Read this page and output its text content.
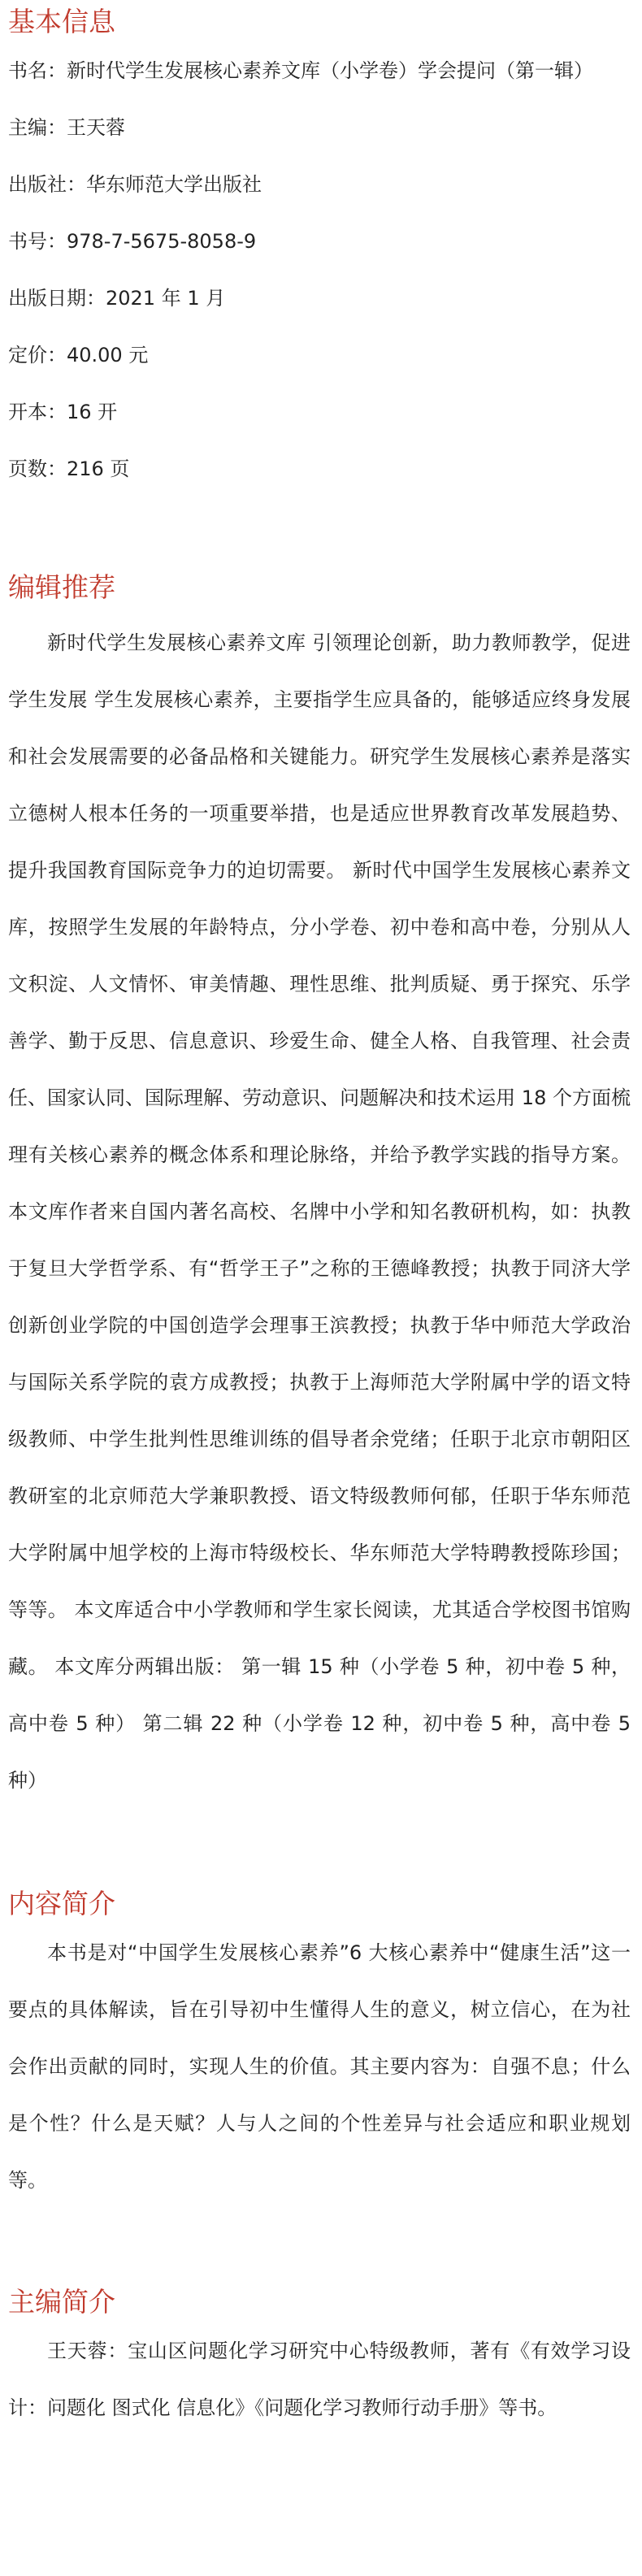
基本信息
书名：新时代学生发展核心素养文库（小学卷）学会提问（第一辑）
主编：王天蓉
出版社：华东师范大学出版社
书号：978-7-5675-8058-9
出版日期：2021 年 1 月
定价：40.00 元
开本：16 开
页数：216 页
编辑推荐

新时代学生发展核心素养文库 引领理论创新，助力教师教学，促进学生发展 学生发展核心素养，主要指学生应具备的，能够适应终身发展和社会发展需要的必备品格和关键能力。研究学生发展核心素养是落实立德树人根本任务的一项重要举措，也是适应世界教育改革发展趋势、提升我国教育国际竞争力的迫切需要。 新时代中国学生发展核心素养文库，按照学生发展的年龄特点，分小学卷、初中卷和高中卷，分别从人文积淀、人文情怀、审美情趣、理性思维、批判质疑、勇于探究、乐学善学、勤于反思、信息意识、珍爱生命、健全人格、自我管理、社会责任、国家认同、国际理解、劳动意识、问题解决和技术运用 18 个方面梳理有关核心素养的概念体系和理论脉络，并给予教学实践的指导方案。 本文库作者来自国内著名高校、名牌中小学和知名教研机构，如：执教于复旦大学哲学系、有“哲学王子”之称的王德峰教授；执教于同济大学创新创业学院的中国创造学会理事王滨教授；执教于华中师范大学政治与国际关系学院的袁方成教授；执教于上海师范大学附属中学的语文特级教师、中学生批判性思维训练的倡导者余党绪；任职于北京市朝阳区教研室的北京师范大学兼职教授、语文特级教师何郁，任职于华东师范大学附属中旭学校的上海市特级校长、华东师范大学特聘教授陈珍国；等等。 本文库适合中小学教师和学生家长阅读，尤其适合学校图书馆购藏。 本文库分两辑出版： 第一辑 15 种（小学卷 5 种，初中卷 5 种，高中卷 5 种） 第二辑 22 种（小学卷 12 种，初中卷 5 种，高中卷 5 种）

内容简介

本书是对“中国学生发展核心素养”6 大核心素养中“健康生活”这一要点的具体解读，旨在引导初中生懂得人生的意义，树立信心，在为社会作出贡献的同时，实现人生的价值。其主要内容为：自强不息；什么是个性？什么是天赋？人与人之间的个性差异与社会适应和职业规划等。

主编简介

王天蓉：宝山区问题化学习研究中心特级教师，著有《有效学习设计：问题化 图式化 信息化》《问题化学习教师行动手册》等书。
